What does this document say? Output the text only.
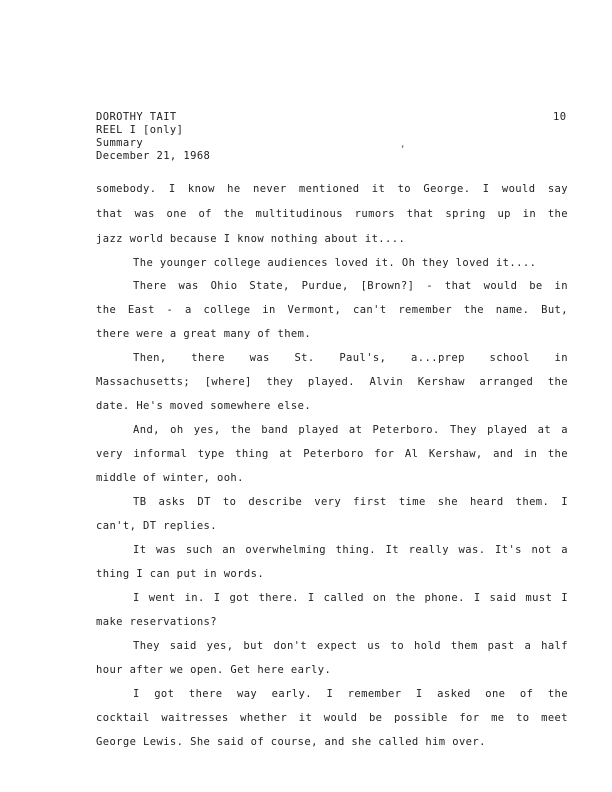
DOROTHY TAIT
REEL I [only]
Summary
December 21, 1968
10
,
somebody. I know he never mentioned it to George. I would say
that was one of the multitudinous rumors that spring up in the
jazz world because I know nothing about it....
The younger college audiences loved it. Oh they loved it....
There was Ohio State, Purdue, [Brown?] - that would be in
the East - a college in Vermont, can't remember the name. But,
there were a great many of them.
Then, there was St. Paul's, a...prep school in
Massachusetts; [where] they played. Alvin Kershaw arranged the
date. He's moved somewhere else.
And, oh yes, the band played at Peterboro. They played at a
very informal type thing at Peterboro for Al Kershaw, and in the
middle of winter, ooh.
TB asks DT to describe very first time she heard them. I
can't, DT replies.
It was such an overwhelming thing. It really was. It's not a
thing I can put in words.
I went in. I got there. I called on the phone. I said must I
make reservations?
They said yes, but don't expect us to hold them past a half
hour after we open. Get here early.
I got there way early. I remember I asked one of the
cocktail waitresses whether it would be possible for me to meet
George Lewis. She said of course, and she called him over.
